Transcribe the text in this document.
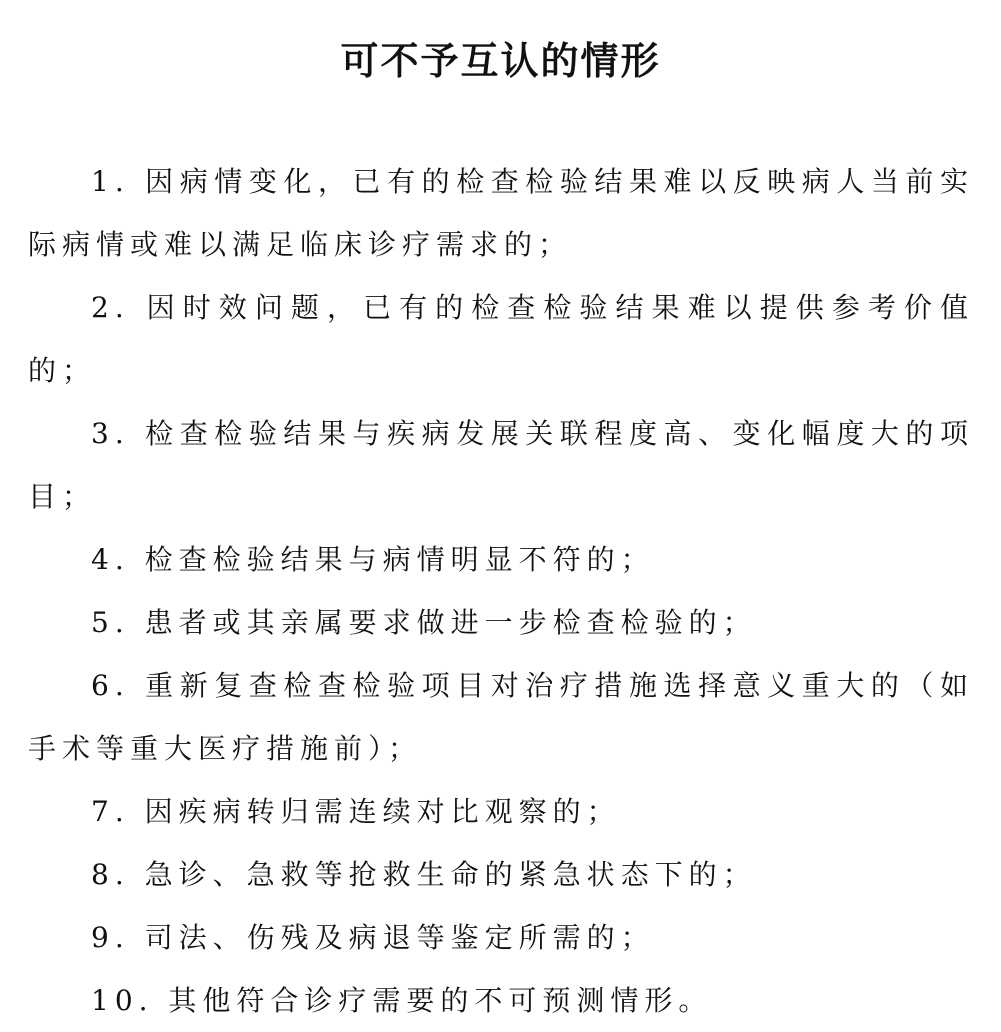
可不予互认的情形

1. 因病情变化，已有的检查检验结果难以反映病人当前实际病情或难以满足临床诊疗需求的；

2. 因时效问题，已有的检查检验结果难以提供参考价值的；

3. 检查检验结果与疾病发展关联程度高、变化幅度大的项目；

4. 检查检验结果与病情明显不符的；

5. 患者或其亲属要求做进一步检查检验的；

6. 重新复查检查检验项目对治疗措施选择意义重大的（如手术等重大医疗措施前）；

7. 因疾病转归需连续对比观察的；

8. 急诊、急救等抢救生命的紧急状态下的；

9. 司法、伤残及病退等鉴定所需的；

10. 其他符合诊疗需要的不可预测情形。
